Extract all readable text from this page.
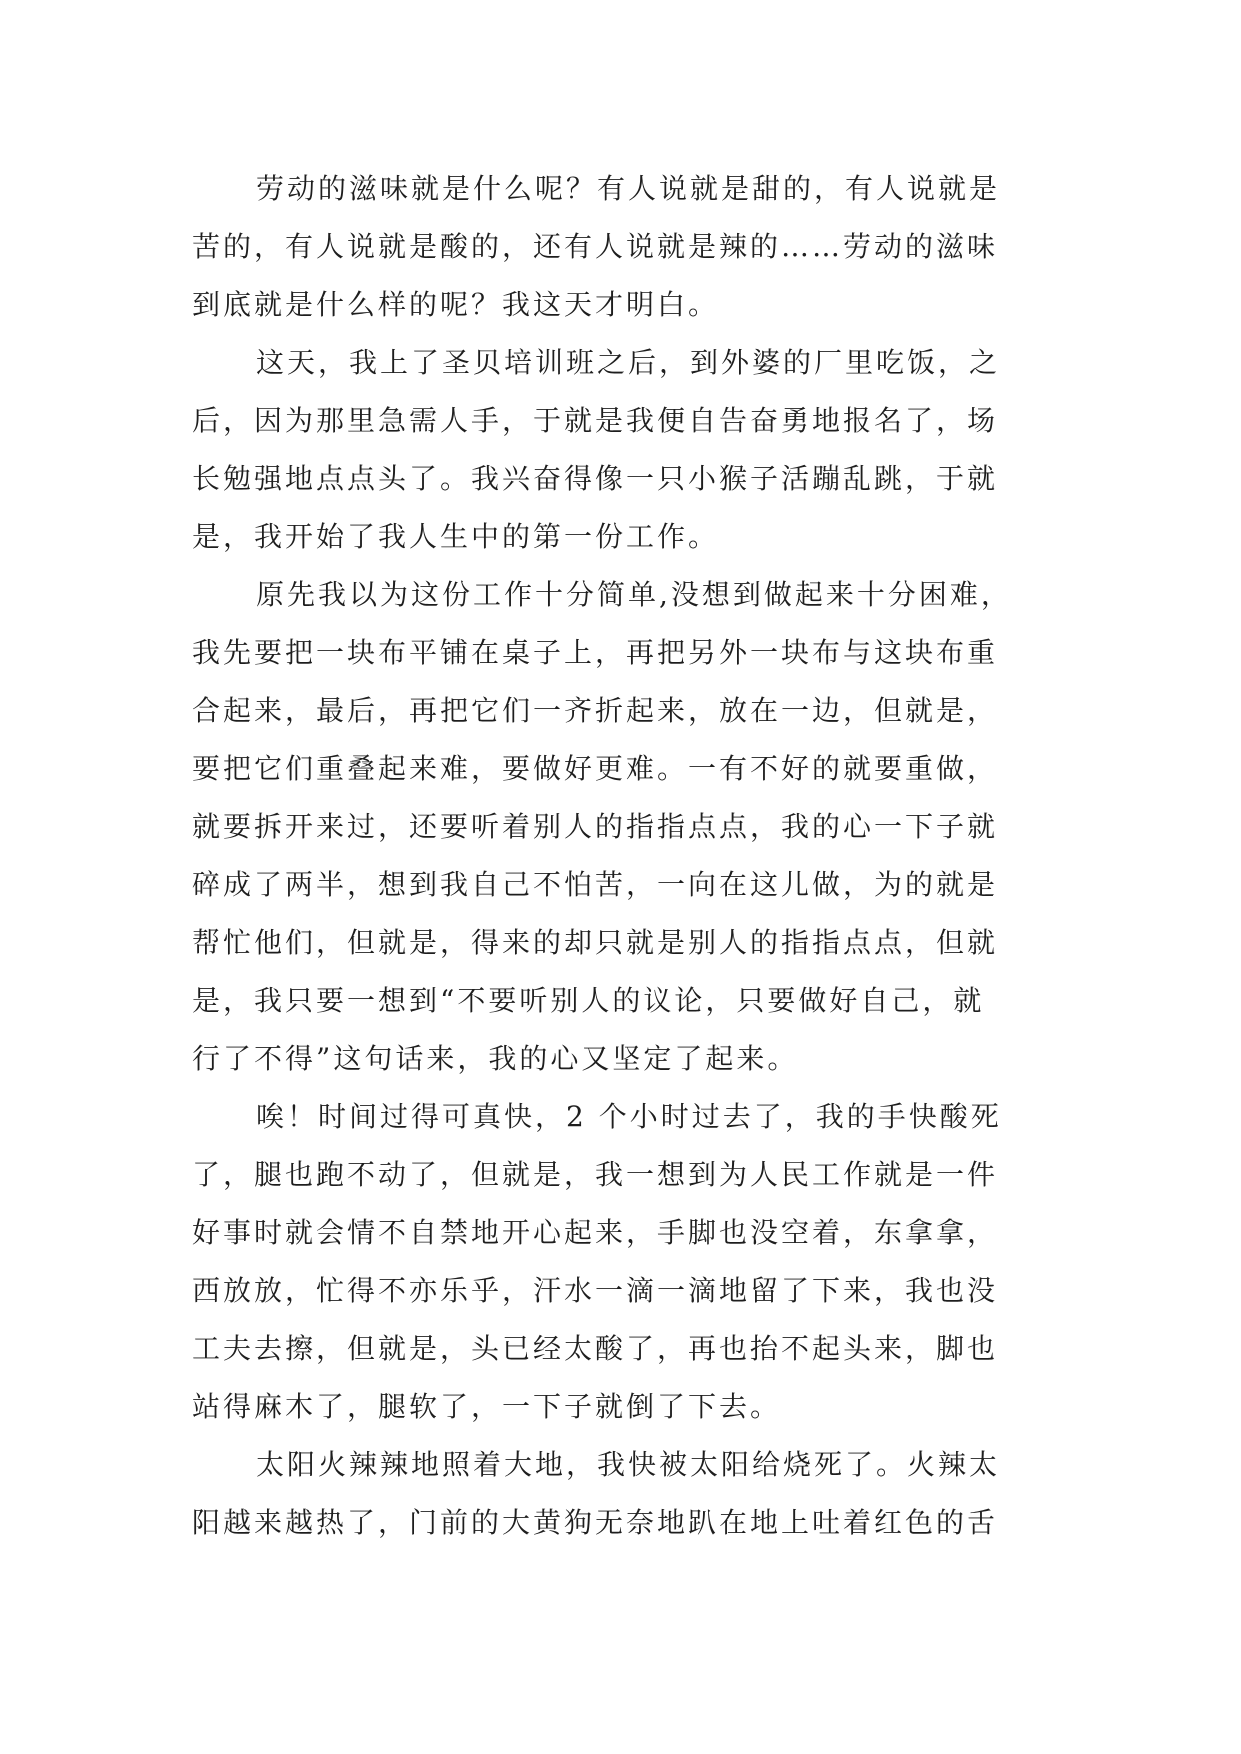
劳动的滋味就是什么呢？有人说就是甜的，有人说就是
苦的，有人说就是酸的，还有人说就是辣的……劳动的滋味
到底就是什么样的呢？我这天才明白。
这天，我上了圣贝培训班之后，到外婆的厂里吃饭，之
后，因为那里急需人手，于就是我便自告奋勇地报名了，场
长勉强地点点头了。我兴奋得像一只小猴子活蹦乱跳，于就
是，我开始了我人生中的第一份工作。
原先我以为这份工作十分简单,没想到做起来十分困难，
我先要把一块布平铺在桌子上，再把另外一块布与这块布重
合起来，最后，再把它们一齐折起来，放在一边，但就是，
要把它们重叠起来难，要做好更难。一有不好的就要重做，
就要拆开来过，还要听着别人的指指点点，我的心一下子就
碎成了两半，想到我自己不怕苦，一向在这儿做，为的就是
帮忙他们，但就是，得来的却只就是别人的指指点点，但就
是，我只要一想到“不要听别人的议论，只要做好自己，就
行了不得”这句话来，我的心又坚定了起来。
唉！时间过得可真快，2 个小时过去了，我的手快酸死
了，腿也跑不动了，但就是，我一想到为人民工作就是一件
好事时就会情不自禁地开心起来，手脚也没空着，东拿拿，
西放放，忙得不亦乐乎，汗水一滴一滴地留了下来，我也没
工夫去擦，但就是，头已经太酸了，再也抬不起头来，脚也
站得麻木了，腿软了，一下子就倒了下去。
太阳火辣辣地照着大地，我快被太阳给烧死了。火辣太
阳越来越热了，门前的大黄狗无奈地趴在地上吐着红色的舌
